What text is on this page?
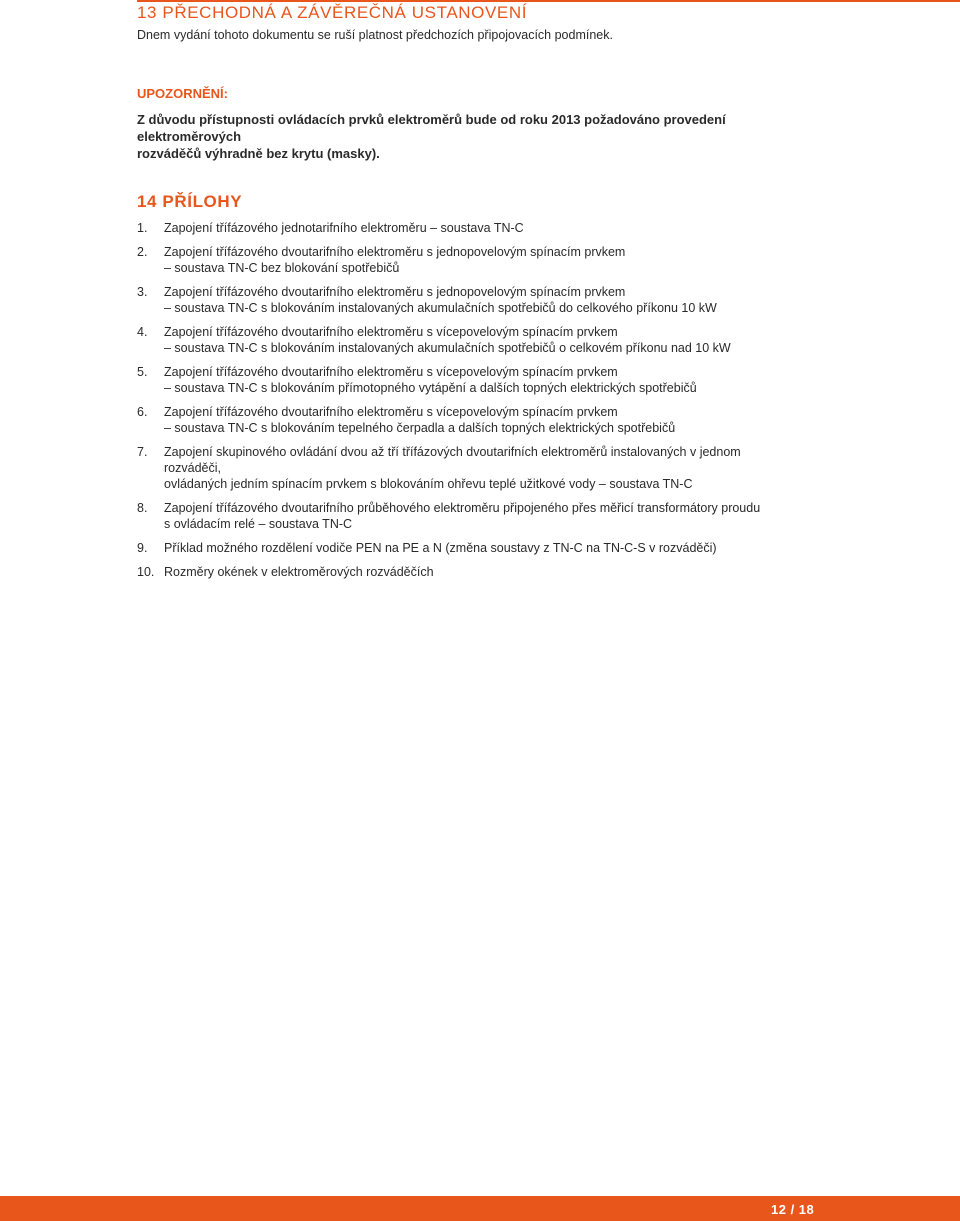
13 PŘECHODNÁ A ZÁVĚREČNÁ USTANOVENÍ

Dnem vydání tohoto dokumentu se ruší platnost předchozích připojovacích podmínek.

UPOZORNĚNÍ:

Z důvodu přístupnosti ovládacích prvků elektroměrů bude od roku 2013 požadováno provedení elektroměrových
rozváděčů výhradně bez krytu (masky).
14 PŘÍLOHY
1.	Zapojení třífázového jednotarifního elektroměru – soustava TN-C
2.	Zapojení třífázového dvoutarifního elektroměru s jednopovelovým spínacím prvkem
– soustava TN-C bez blokování spotřebičů
3.	Zapojení třífázového dvoutarifního elektroměru s jednopovelovým spínacím prvkem
– soustava TN-C s blokováním instalovaných akumulačních spotřebičů do celkového příkonu 10 kW
4.	Zapojení třífázového dvoutarifního elektroměru s vícepovelovým spínacím prvkem
– soustava TN-C s blokováním instalovaných akumulačních spotřebičů o celkovém příkonu nad 10 kW
5.	Zapojení třífázového dvoutarifního elektroměru s vícepovelovým spínacím prvkem
– soustava TN-C s blokováním přímotopného vytápění a dalších topných elektrických spotřebičů
6.	Zapojení třífázového dvoutarifního elektroměru s vícepovelovým spínacím prvkem
– soustava TN-C s blokováním tepelného čerpadla a dalších topných elektrických spotřebičů
7.	Zapojení skupinového ovládání dvou až tří třífázových dvoutarifních elektroměrů instalovaných v jednom rozváděči,
ovládaných jedním spínacím prvkem s blokováním ohřevu teplé užitkové vody – soustava TN-C
8.	Zapojení třífázového dvoutarifního průběhového elektroměru připojeného přes měřicí transformátory proudu
s ovládacím relé – soustava TN-C
9.	Příklad možného rozdělení vodiče PEN na PE a N (změna soustavy z TN-C na TN-C-S v rozváděči)
10. Rozměry okének v elektroměrových rozváděčích
12 / 18
